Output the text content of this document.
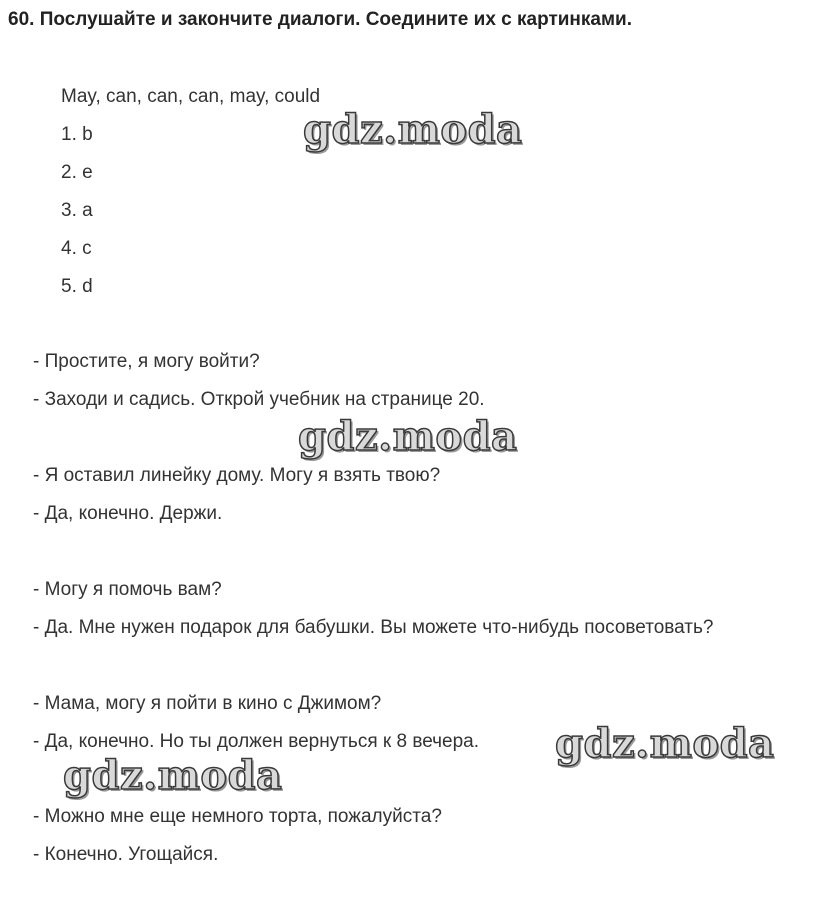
60. Послушайте и закончите диалоги. Соедините их с картинками.

May, can, can, can, may, could

1. b

2. e

3. a

4. c

5. d

- Простите, я могу войти?

- Заходи и садись. Открой учебник на странице 20.

- Я оставил линейку дому. Могу я взять твою?

- Да, конечно. Держи.

- Могу я помочь вам?

- Да. Мне нужен подарок для бабушки. Вы можете что-нибудь посоветовать?

- Мама, могу я пойти в кино с Джимом?

- Да, конечно. Но ты должен вернуться к 8 вечера.

- Можно мне еще немного торта, пожалуйста?

- Конечно. Угощайся.

gdz.moda
gdz.moda
gdz.moda
gdz.moda
